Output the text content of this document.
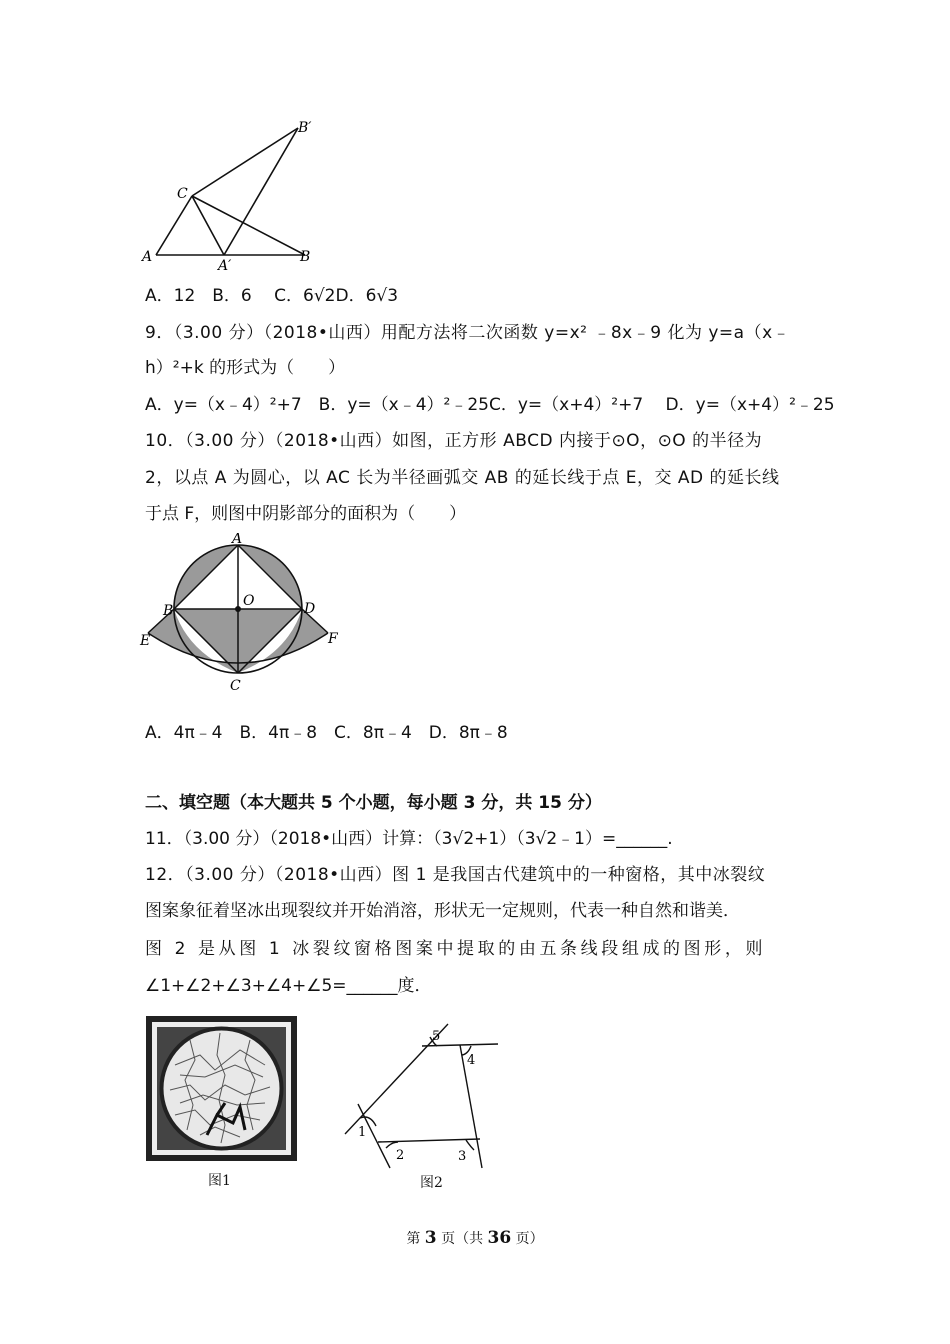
B′
C
A
A′
B
A．12　B．6　 C．6√2D．6√3
9．（3.00 分）（2018•山西）用配方法将二次函数 y=x² ﹣8x﹣9 化为 y=a（x﹣
h）²+k 的形式为（　　）
A．y=（x﹣4）²+7　B．y=（x﹣4）²﹣25C．y=（x+4）²+7　 D．y=（x+4）²﹣25
10．（3.00 分）（2018•山西）如图，正方形 ABCD 内接于⊙O，⊙O 的半径为
2，以点 A 为圆心，以 AC 长为半径画弧交 AB 的延长线于点 E，交 AD 的延长线
于点 F，则图中阴影部分的面积为（　　）
A
B
O	D
E	F
C
A．4π﹣4　B．4π﹣8　C．8π﹣4　D．8π﹣8
二、填空题（本大题共 5 个小题，每小题 3 分，共 15 分）
11．（3.00 分）（2018•山西）计算：（3√2+1）（3√2﹣1）=______.
12．（3.00 分）（2018•山西）图 1 是我国古代建筑中的一种窗格，其中冰裂纹
图案象征着坚冰出现裂纹并开始消溶，形状无一定规则，代表一种自然和谐美．
图 2 是从图 1 冰裂纹窗格图案中提取的由五条线段组成的图形，则
∠1+∠2+∠3+∠4+∠5=______度．
图1
1
2	3
4
5
图2
第 3 页（共 36 页）
